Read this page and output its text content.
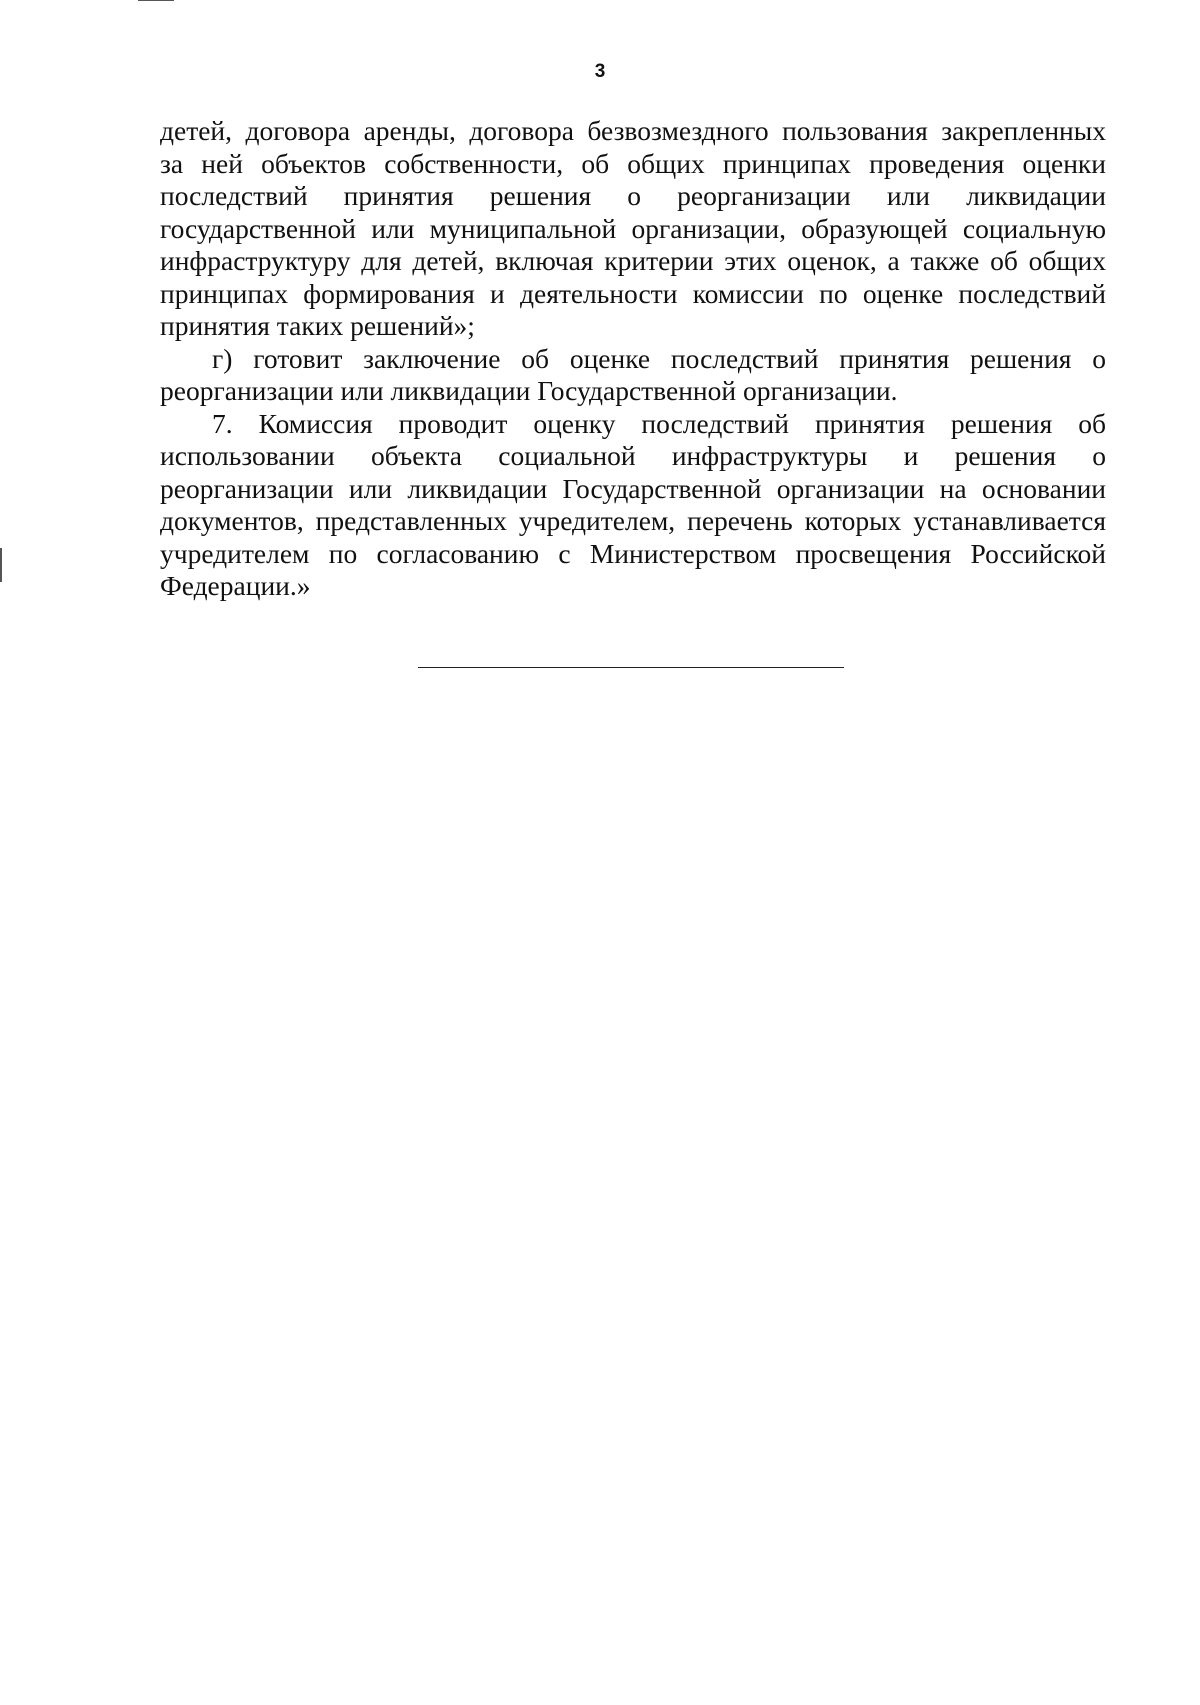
3
детей, договора аренды, договора безвозмездного пользования закрепленных
за ней объектов собственности, об общих принципах проведения оценки
последствий принятия решения о реорганизации или ликвидации
государственной или муниципальной организации, образующей социальную
инфраструктуру для детей, включая критерии этих оценок, а также об общих
принципах формирования и деятельности комиссии по оценке последствий
принятия таких решений»;
г) готовит заключение об оценке последствий принятия решения о
реорганизации или ликвидации Государственной организации.
7. Комиссия проводит оценку последствий принятия решения об
использовании объекта социальной инфраструктуры и решения о
реорганизации или ликвидации Государственной организации на основании
документов, представленных учредителем, перечень которых устанавливается
учредителем по согласованию с Министерством просвещения Российской
Федерации.»
